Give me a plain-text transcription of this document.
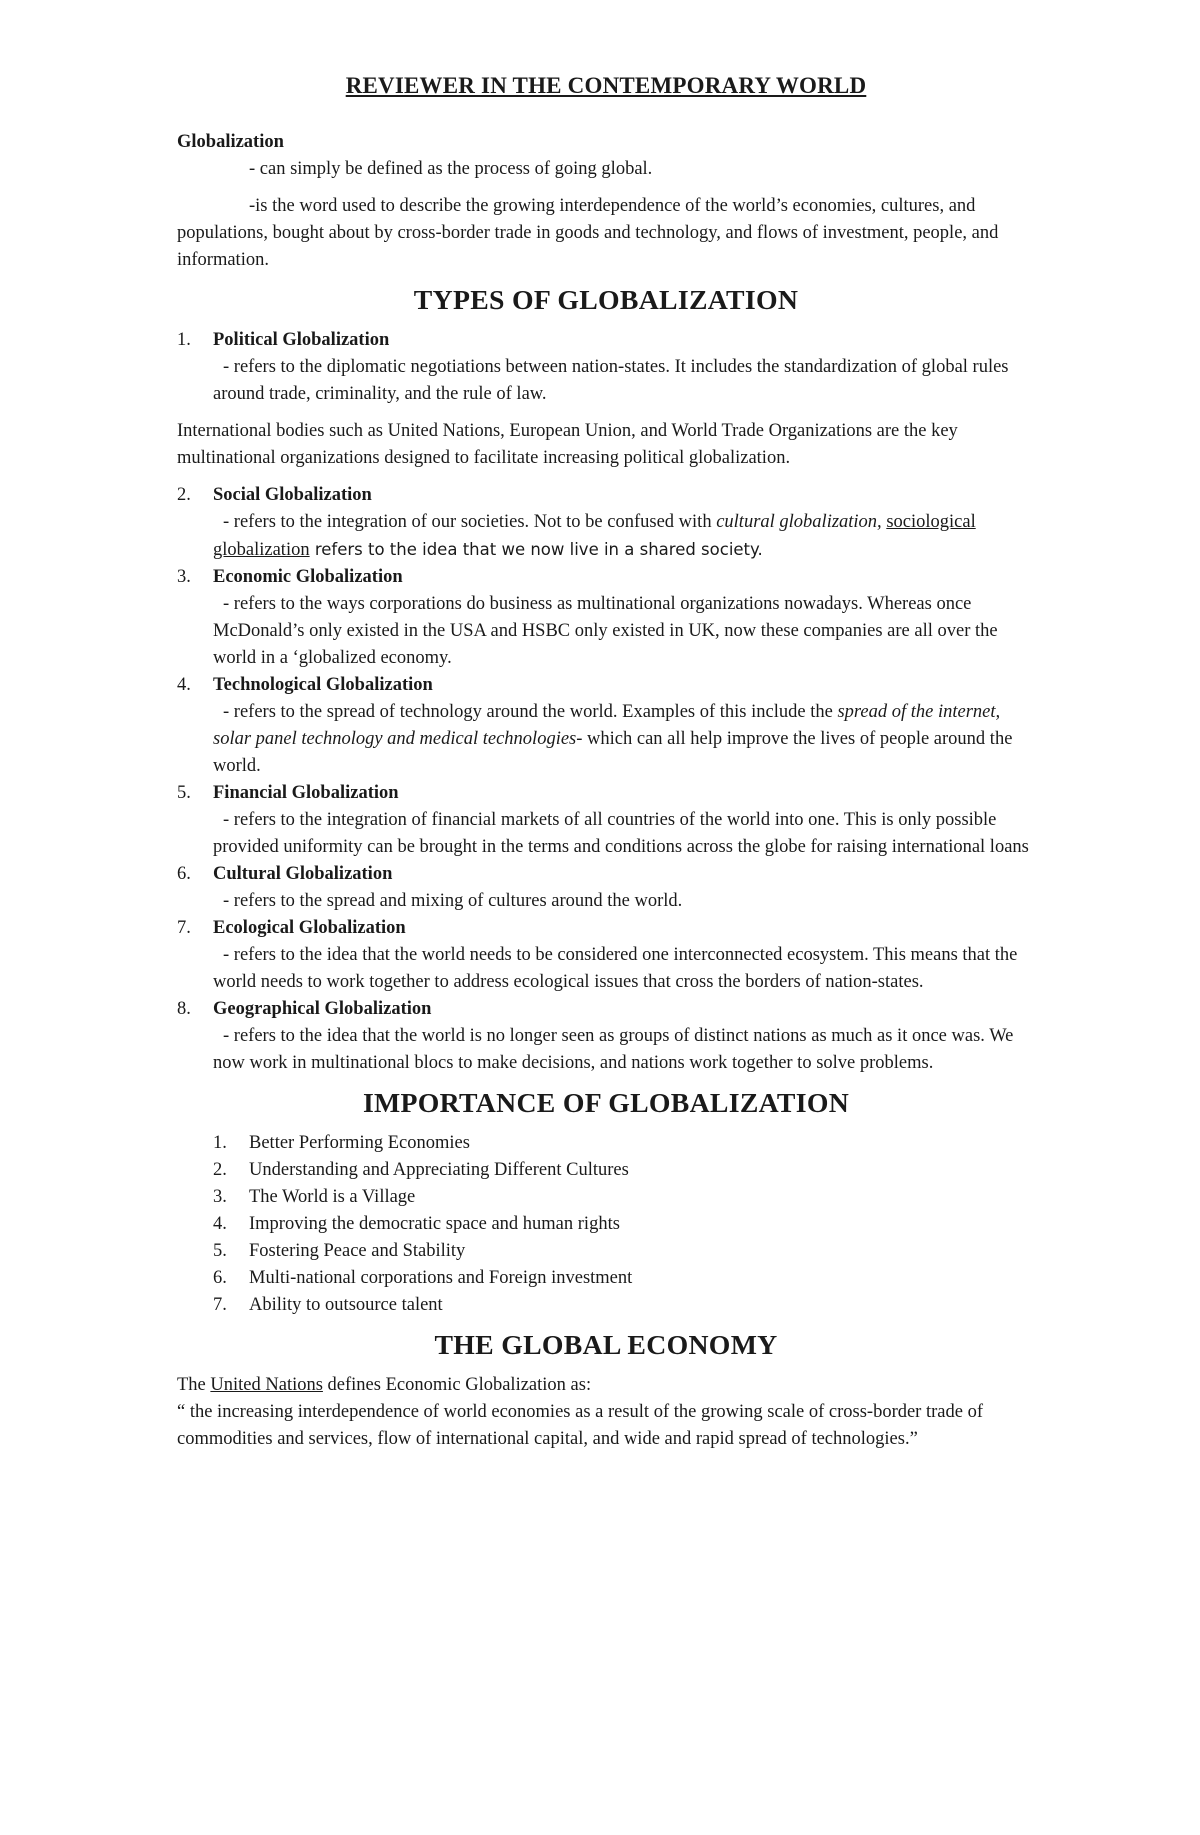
REVIEWER IN THE CONTEMPORARY WORLD

Globalization

- can simply be defined as the process of going global.

-is the word used to describe the growing interdependence of the world’s economies, cultures, and populations, bought about by cross-border trade in goods and technology, and flows of investment, people, and information.

TYPES OF GLOBALIZATION
1. Political Globalization

- refers to the diplomatic negotiations between nation-states. It includes the standardization of global rules around trade, criminality, and the rule of law.

International bodies such as United Nations, European Union, and World Trade Organizations are the key multinational organizations designed to facilitate increasing political globalization.

2. Social Globalization

- refers to the integration of our societies. Not to be confused with cultural globalization, sociological globalization refers to the idea that we now live in a shared society.

3. Economic Globalization

- refers to the ways corporations do business as multinational organizations nowadays. Whereas once McDonald’s only existed in the USA and HSBC only existed in UK, now these companies are all over the world in a ‘globalized economy.

4. Technological Globalization

- refers to the spread of technology around the world. Examples of this include the spread of the internet, solar panel technology and medical technologies- which can all help improve the lives of people around the world.

5. Financial Globalization

- refers to the integration of financial markets of all countries of the world into one. This is only possible provided uniformity can be brought in the terms and conditions across the globe for raising international loans

6. Cultural Globalization

- refers to the spread and mixing of cultures around the world.

7. Ecological Globalization

- refers to the idea that the world needs to be considered one interconnected ecosystem. This means that the world needs to work together to address ecological issues that cross the borders of nation-states.

8. Geographical Globalization

- refers to the idea that the world is no longer seen as groups of distinct nations as much as it once was. We now work in multinational blocs to make decisions, and nations work together to solve problems.

IMPORTANCE OF GLOBALIZATION
1. Better Performing Economies
2. Understanding and Appreciating Different Cultures
3. The World is a Village
4. Improving the democratic space and human rights
5. Fostering Peace and Stability
6. Multi-national corporations and Foreign investment
7. Ability to outsource talent
THE GLOBAL ECONOMY

The United Nations defines Economic Globalization as:

“ the increasing interdependence of world economies as a result of the growing scale of cross-border trade of commodities and services, flow of international capital, and wide and rapid spread of technologies.”
